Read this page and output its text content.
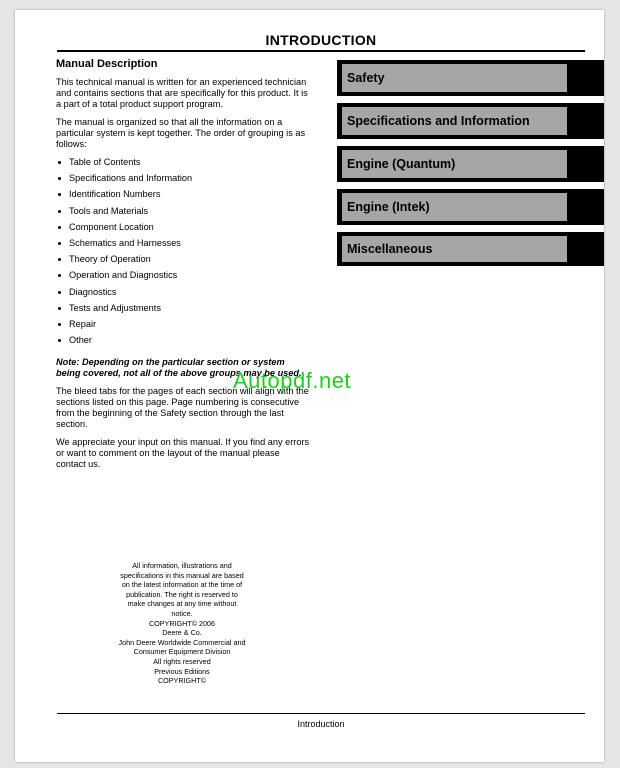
INTRODUCTION
Manual Description

This technical manual is written for an experienced technician and contains sections that are specifically for this product. It is a part of a total product support program.

The manual is organized so that all the information on a particular system is kept together. The order of grouping is as follows:

Table of Contents
Specifications and Information
Identification Numbers
Tools and Materials
Component Location
Schematics and Harnesses
Theory of Operation
Operation and Diagnostics
Diagnostics
Tests and Adjustments
Repair
Other

Note: Depending on the particular section or system being covered, not all of the above groups may be used.

The bleed tabs for the pages of each section will align with the sections listed on this page. Page numbering is consecutive from the beginning of the Safety section through the last section.

We appreciate your input on this manual. If you find any errors or want to comment on the layout of the manual please contact us.

Safety
Specifications and Information
Engine (Quantum)
Engine (Intek)
Miscellaneous
Autopdf.net
All information, illustrations and
specifications in this manual are based
on the latest information at the time of
publication. The right is reserved to
make changes at any time without
notice.
COPYRIGHT© 2006
Deere & Co.
John Deere Worldwide Commercial and
Consumer Equipment Division
All rights reserved
Previous Editions
COPYRIGHT©
Introduction
